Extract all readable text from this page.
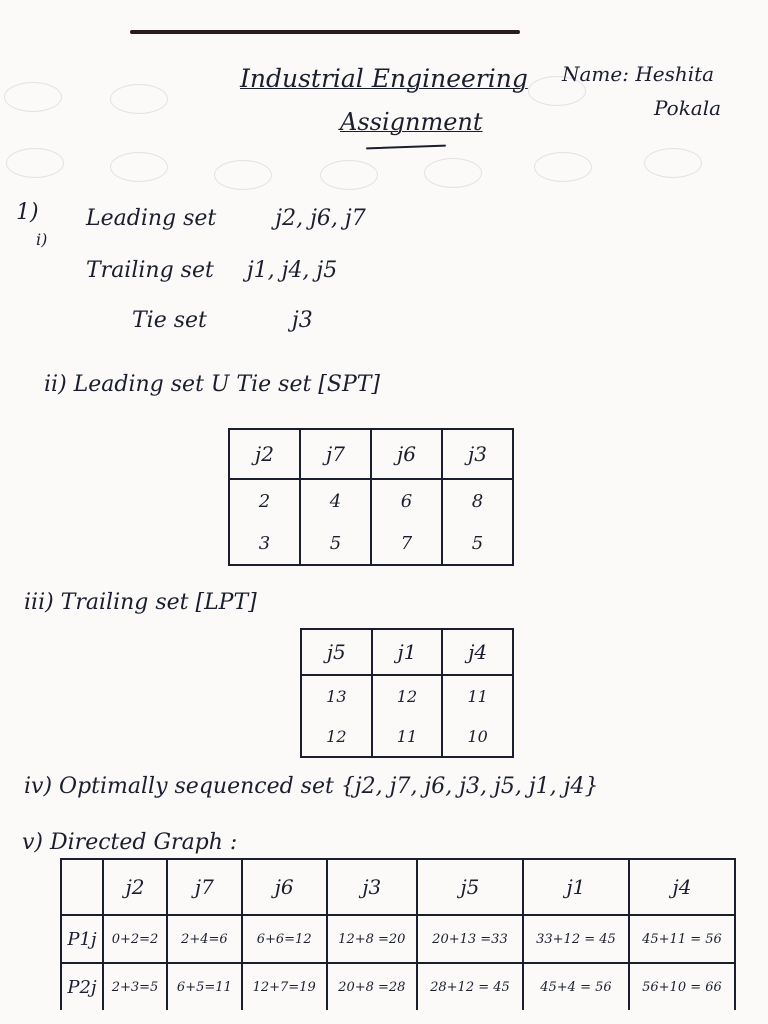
Industrial Engineering
Assignment
Name: Heshita
Pokala
1)
i)
Leading set	j2, j6, j7
Trailing set j1, j4, j5
Tie set	j3
ii) Leading set U Tie set [SPT]
j2	j7	j6	j3
2	4	6	8
3	5	7	5
iii) Trailing set [LPT]
j5	j1	j4
13	12	11
12	11	10
iv) Optimally sequenced set {j2, j7, j6, j3, j5, j1, j4}
v) Directed Graph :
	j2	j7	j6	j3	j5	j1	j4
P1j	0+2=2	2+4=6	6+6=12	12+8 =20	20+13 =33	33+12 = 45	45+11 = 56
P2j	2+3=5	6+5=11	12+7=19	20+8 =28	28+12 = 45	45+4 = 56	56+10 = 66
